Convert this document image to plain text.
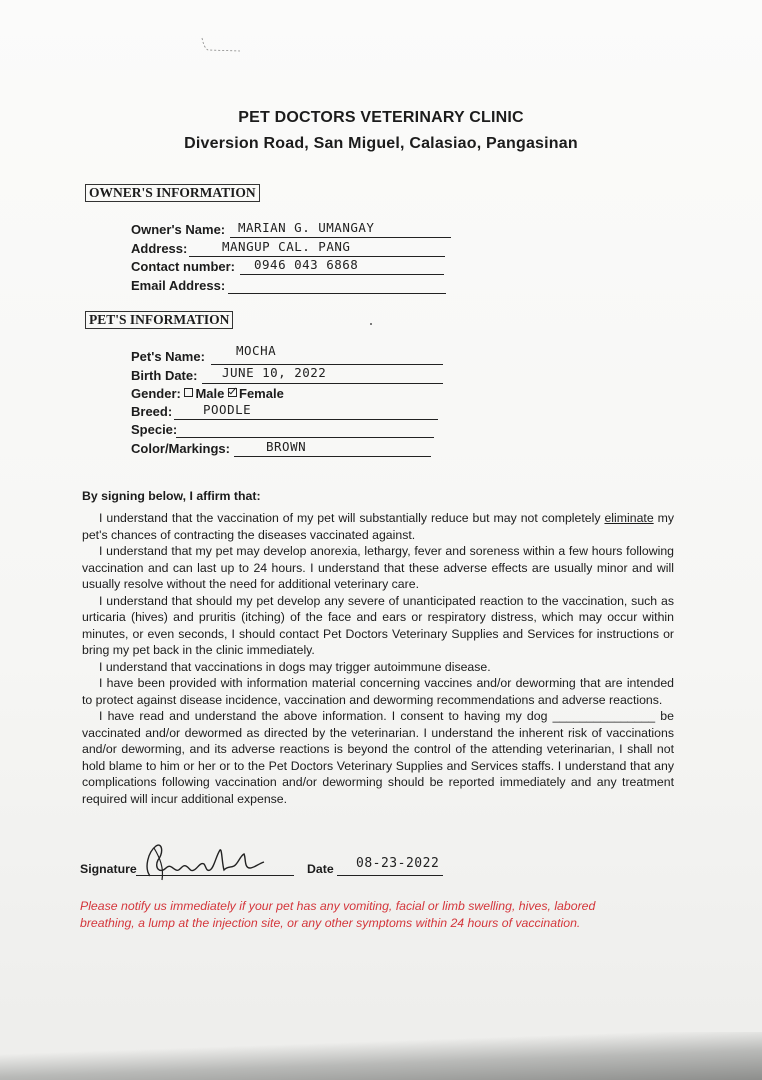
PET DOCTORS VETERINARY CLINIC
Diversion Road, San Miguel, Calasiao, Pangasinan
OWNER'S INFORMATION
Owner's Name: MARIAN G. UMANGAY
Address:	MANGUP CAL. PANG
Contact number: 0946 043 6868
Email Address:
PET'S INFORMATION
Pet's Name: MOCHA
Birth Date: JUNE 10, 2022
Gender: Male Female
Breed: POODLE
Specie:
Color/Markings:	BROWN
By signing below, I affirm that:

I understand that the vaccination of my pet will substantially reduce but may not completely eliminate my pet's chances of contracting the diseases vaccinated against.

I understand that my pet may develop anorexia, lethargy, fever and soreness within a few hours following vaccination and can last up to 24 hours. I understand that these adverse effects are usually minor and will usually resolve without the need for additional veterinary care.

I understand that should my pet develop any severe of unanticipated reaction to the vaccination, such as urticaria (hives) and pruritis (itching) of the face and ears or respiratory distress, which may occur within minutes, or even seconds, I should contact Pet Doctors Veterinary Supplies and Services for instructions or bring my pet back in the clinic immediately.

I understand that vaccinations in dogs may trigger autoimmune disease.

I have been provided with information material concerning vaccines and/or deworming that are intended to protect against disease incidence, vaccination and deworming recommendations and adverse reactions.

I have read and understand the above information. I consent to having my dog _______________ be vaccinated and/or dewormed as directed by the veterinarian. I understand the inherent risk of vaccinations and/or deworming, and its adverse reactions is beyond the control of the attending veterinarian, I shall not hold blame to him or her or to the Pet Doctors Veterinary Supplies and Services staffs. I understand that any complications following vaccination and/or deworming should be reported immediately and any treatment required will incur additional expense.

Signature	Date 08-23-2022
Please notify us immediately if your pet has any vomiting, facial or limb swelling, hives, labored breathing, a lump at the injection site, or any other symptoms within 24 hours of vaccination.
